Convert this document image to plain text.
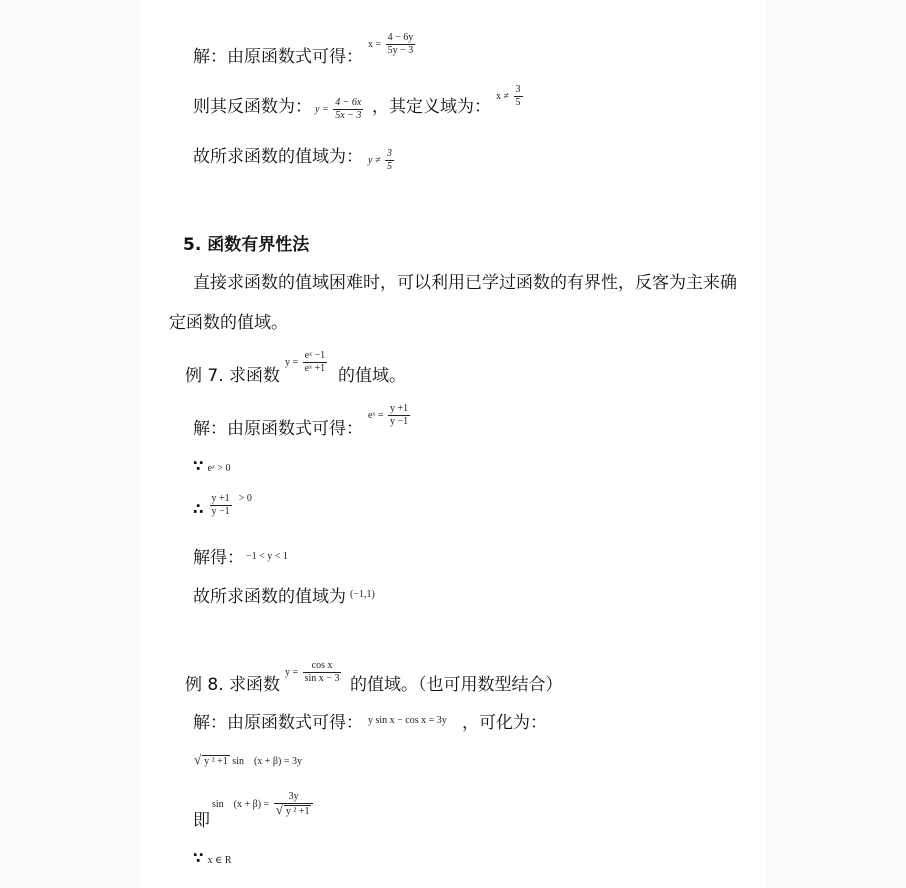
解：由原函数式可得：
$x = \frac{4 - 6y}{5y - 3}$
则其反函数为： $y = \frac{4 - 6x}{5x - 3}$ ，其定义域为：
$x \ne \frac{3}{5}$
故所求函数的值域为： $y \ne \frac{3}{5}$
5. 函数有界性法
直接求函数的值域困难时，可以利用已学过函数的有界性，反客为主来确
定函数的值域。
例 7. 求函数
$y = \frac{\text{eˣ −1}}{\text{eˣ +1}}$
的值域。
解：由原函数式可得：
eˣ = $\frac{y +1}{y -1}$
∵ eˣ > 0
∴ $\frac{y +1}{y -1} ^{> 0}$
解得： −1 < y < 1
故所求函数的值域为 (−1,1)
例 8. 求函数
$y = \frac{\text{cos x}}{\text{sin x − 3}}$ 的值域。（也可用数型结合）
解：由原函数式可得： y sin x − cos x = 3y ，可化为：
√ y ² +1 sin　(x + β) = 3y
即
sin　$(x + \beta) = \frac{3y}{\text{√ y ² +1}}$
∵ x ∈ R
